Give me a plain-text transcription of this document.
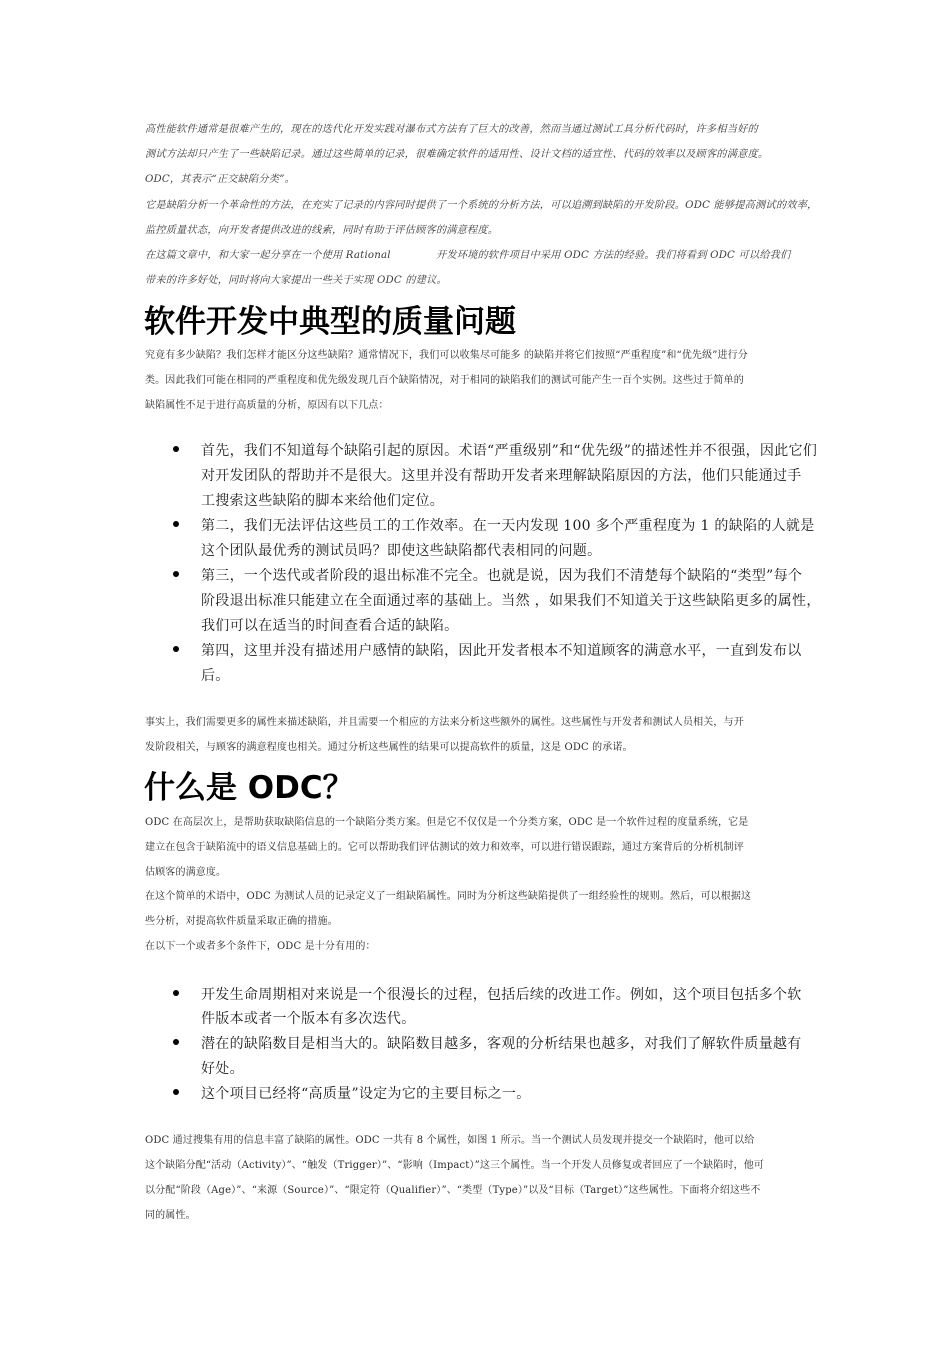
高性能软件通常是很难产生的，现在的迭代化开发实践对瀑布式方法有了巨大的改善，然而当通过测试工具分析代码时，许多相当好的

测试方法却只产生了一些缺陷记录。通过这些简单的记录，很难确定软件的适用性、设计文档的适宜性、代码的效率以及顾客的满意度。

ODC，其表示“正交缺陷分类”。

它是缺陷分析一个革命性的方法，在充实了记录的内容同时提供了一个系统的分析方法，可以追溯到缺陷的开发阶段。ODC 能够提高测试的效率，

监控质量状态，向开发者提供改进的线索，同时有助于评估顾客的满意程度。

在这篇文章中，和大家一起分享在一个使用 Rational	开发环境的软件项目中采用 ODC 方法的经验。我们将看到 ODC 可以给我们

带来的许多好处，同时将向大家提出一些关于实现 ODC 的建议。

软件开发中典型的质量问题

究竟有多少缺陷？我们怎样才能区分这些缺陷？通常情况下，我们可以收集尽可能多 的缺陷并将它们按照“严重程度”和“优先级”进行分

类。因此我们可能在相同的严重程度和优先级发现几百个缺陷情况，对于相同的缺陷我们的测试可能产生一百个实例。这些过于简单的

缺陷属性不足于进行高质量的分析，原因有以下几点：

首先，我们不知道每个缺陷引起的原因。术语“严重级别”和“优先级”的描述性并不很强，因此它们

对开发团队的帮助并不是很大。这里并没有帮助开发者来理解缺陷原因的方法，他们只能通过手

工搜索这些缺陷的脚本来给他们定位。

第二，我们无法评估这些员工的工作效率。在一天内发现 100 多个严重程度为 1 的缺陷的人就是

这个团队最优秀的测试员吗？即使这些缺陷都代表相同的问题。

第三，一个迭代或者阶段的退出标准不完全。也就是说，因为我们不清楚每个缺陷的“类型”每个

阶段退出标准只能建立在全面通过率的基础上。当然 ，如果我们不知道关于这些缺陷更多的属性，

我们可以在适当的时间查看合适的缺陷。

第四，这里并没有描述用户感情的缺陷，因此开发者根本不知道顾客的满意水平，一直到发布以

后。

事实上，我们需要更多的属性来描述缺陷，并且需要一个相应的方法来分析这些额外的属性。这些属性与开发者和测试人员相关，与开

发阶段相关，与顾客的满意程度也相关。通过分析这些属性的结果可以提高软件的质量，这是 ODC 的承诺。

什么是 ODC？

ODC 在高层次上，是帮助获取缺陷信息的一个缺陷分类方案。但是它不仅仅是一个分类方案，ODC 是一个软件过程的度量系统，它是

建立在包含于缺陷流中的语义信息基础上的。它可以帮助我们评估测试的效力和效率，可以进行错误跟踪，通过方案背后的分析机制评

估顾客的满意度。

在这个简单的术语中，ODC 为测试人员的记录定义了一组缺陷属性。同时为分析这些缺陷提供了一组经验性的规则。然后，可以根据这

些分析，对提高软件质量采取正确的措施。

在以下一个或者多个条件下，ODC 是十分有用的：

开发生命周期相对来说是一个很漫长的过程，包括后续的改进工作。例如，这个项目包括多个软

件版本或者一个版本有多次迭代。

潜在的缺陷数目是相当大的。缺陷数目越多，客观的分析结果也越多，对我们了解软件质量越有

好处。

这个项目已经将“高质量”设定为它的主要目标之一。

ODC 通过搜集有用的信息丰富了缺陷的属性。ODC 一共有 8 个属性，如图 1 所示。当一个测试人员发现并提交一个缺陷时，他可以给

这个缺陷分配“活动（Activity）”、“触发（Trigger）”、“影响（Impact）”这三个属性。当一个开发人员修复或者回应了一个缺陷时，他可

以分配“阶段（Age）”、“来源（Source）”、“限定符（Qualifier）”、“类型（Type）”以及“目标（Target）”这些属性。下面将介绍这些不

同的属性。
